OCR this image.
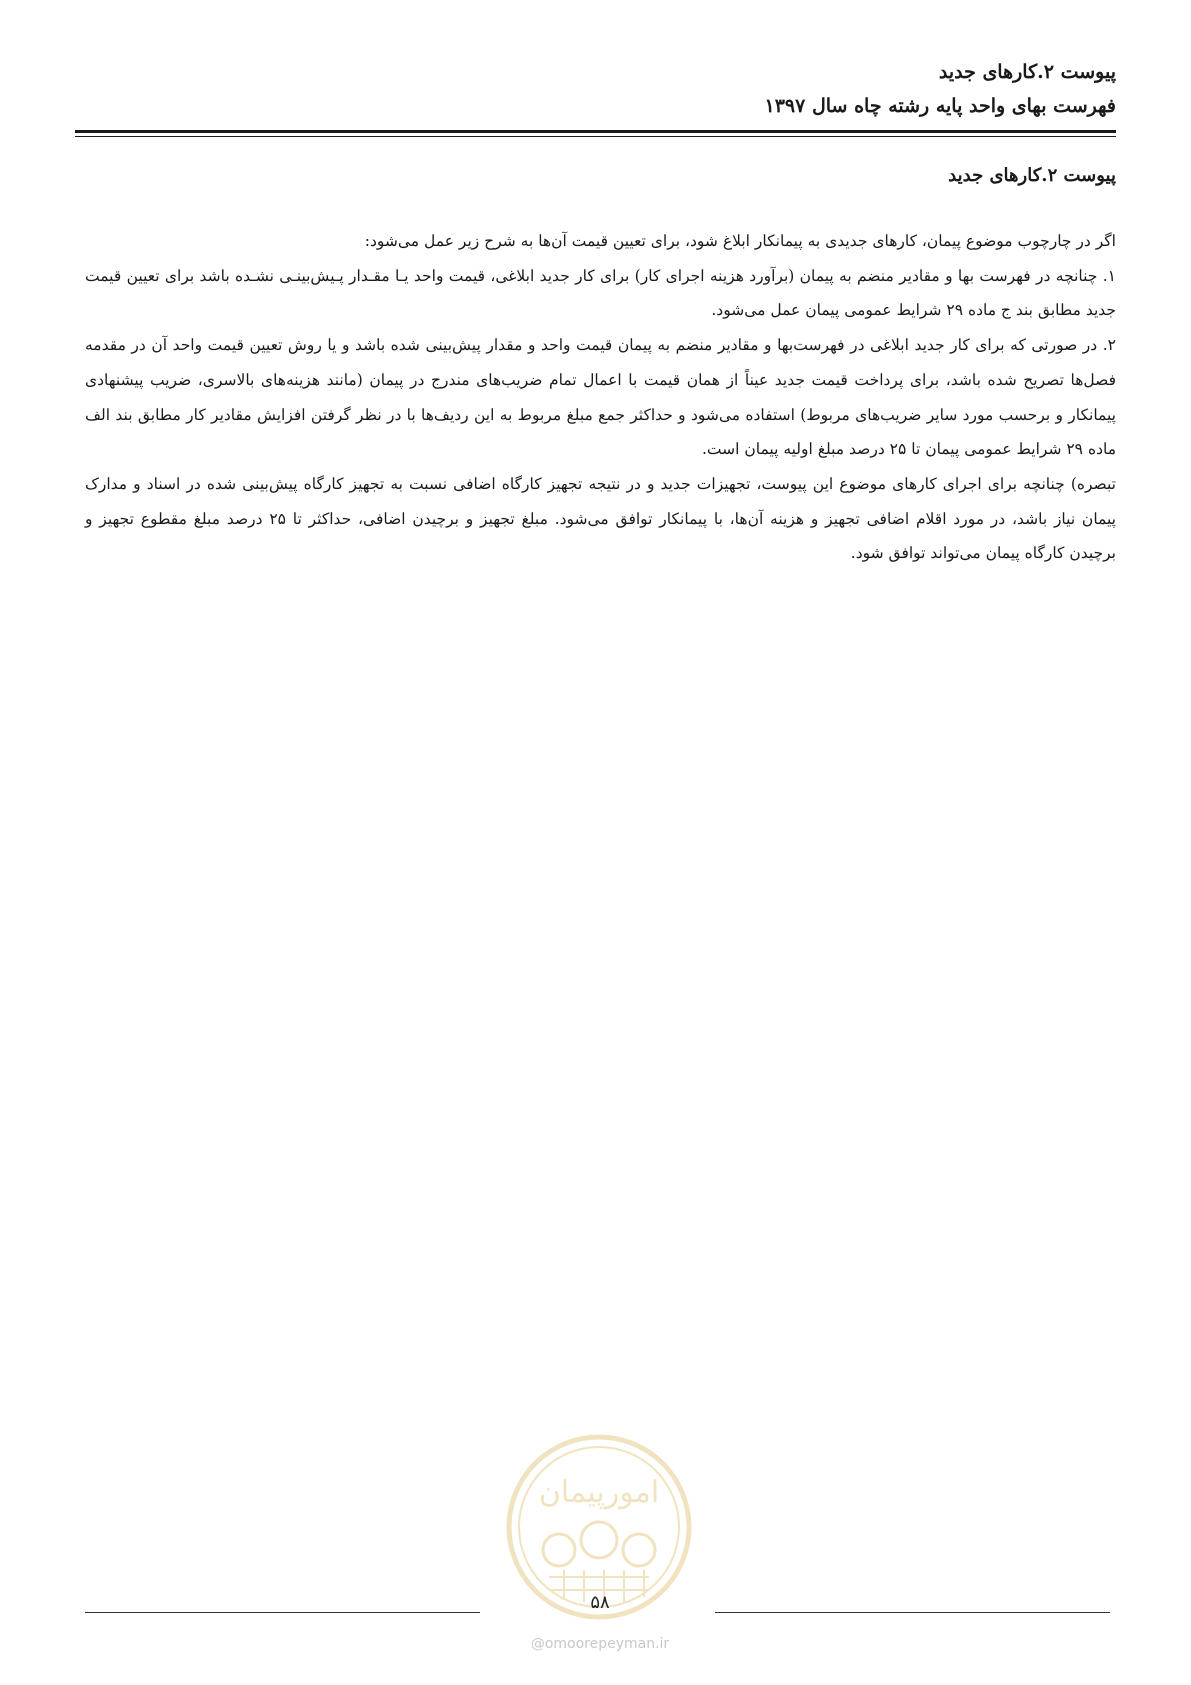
پیوست ۲.کارهای جدید
فهرست بهای واحد پایه رشته چاه سال ۱۳۹۷
پیوست ۲.کارهای جدید

اگر در چارچوب موضوع پیمان، کارهای جدیدی به پیمانکار ابلاغ شود، برای تعیین قیمت آن‌ها به شرح زیر عمل می‌شود:

۱. چنانچه در فهرست بها و مقادیر منضم به پیمان (برآورد هزینه اجرای کار) برای کار جدید ابلاغی، قیمت واحد یـا مقـدار پـیش‌بینـی نشـده باشد برای تعیین قیمت جدید مطابق بند ج ماده ۲۹ شرایط عمومی پیمان عمل می‌شود.

۲. در صورتی که برای کار جدید ابلاغی در فهرست‌بها و مقادیر منضم به پیمان قیمت واحد و مقدار پیش‌بینی شده باشد و یا روش تعیین قیمت واحد آن در مقدمه فصل‌ها تصریح شده باشد، برای پرداخت قیمت جدید عیناً از همان قیمت با اعمال تمام ضریب‌های مندرج در پیمان (مانند هزینه‌های بالاسری، ضریب پیشنهادی پیمانکار و برحسب مورد سایر ضریب‌های مربوط) استفاده می‌شود و حداکثر جمع مبلغ مربوط به این ردیف‌ها با در نظر گرفتن افزایش مقادیر کار مطابق بند الف ماده ۲۹ شرایط عمومی پیمان تا ۲۵ درصد مبلغ اولیه پیمان است.

تبصره) چنانچه برای اجرای کارهای موضوع این پیوست، تجهیزات جدید و در نتیجه تجهیز کارگاه اضافی نسبت به تجهیز کارگاه پیش‌بینی شده در اسناد و مدارک پیمان نیاز باشد، در مورد اقلام اضافی تجهیز و هزینه آن‌ها، با پیمانکار توافق می‌شود. مبلغ تجهیز و برچیدن اضافی، حداکثر تا ۲۵ درصد مبلغ مقطوع تجهیز و برچیدن کارگاه پیمان می‌تواند توافق شود.

امورپیمان
۵۸
@omoorepeyman.ir
